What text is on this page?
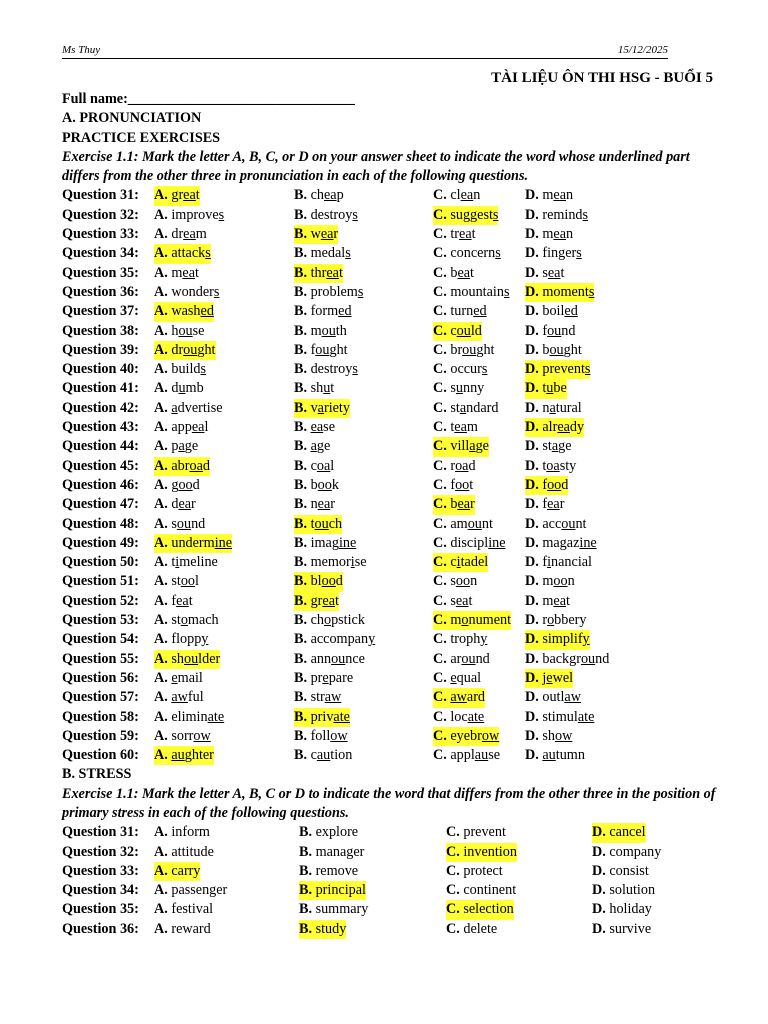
Ms Thuy	15/12/2025
TÀI LIỆU ÔN THI HSG - BUỔI 5
Full name:________________________________
A. PRONUNCIATION
PRACTICE EXERCISES
Exercise 1.1: Mark the letter A, B, C, or D on your answer sheet to indicate the word whose underlined part differs from the other three in pronunciation in each of the following questions.
Question 31: A. great	B. cheap	C. clean	D. mean
Question 32: A. improves	B. destroys	C. suggests D. reminds
Question 33: A. dream	B. wear	C. treat	D. mean
Question 34: A. attacks	B. medals	C. concerns D. fingers
Question 35: A. meat	B. threat	C. beat	D. seat
Question 36: A. wonders	B. problems	C. mountains D. moments
Question 37: A. washed	B. formed	C. turned	D. boiled
Question 38: A. house	B. mouth	C. could	D. found
Question 39: A. drought	B. fought	C. brought D. bought
Question 40: A. builds	B. destroys	C. occurs	D. prevents
Question 41: A. dumb	B. shut	C. sunny	D. tube
Question 42: A. advertise	B. variety	C. standard D. natural
Question 43: A. appeal	B. ease	C. team	D. already
Question 44: A. page	B. age	C. village	D. stage
Question 45: A. abroad	B. coal	C. road	D. toasty
Question 46: A. good	B. book	C. foot	D. food
Question 47: A. dear	B. near	C. bear	D. fear
Question 48: A. sound	B. touch	C. amount D. account
Question 49: A. undermine	B. imagine	C. discipline D. magazine
Question 50: A. timeline	B. memorise	C. citadel	D. financial
Question 51: A. stool	B. blood	C. soon	D. moon
Question 52: A. feat	B. great	C. seat	D. meat
Question 53: A. stomach	B. chopstick	C. monument D. robbery
Question 54: A. floppy	B. accompany	C. trophy	D. simplify
Question 55: A. shoulder	B. announce	C. around D. background
Question 56: A. email	B. prepare	C. equal	D. jewel
Question 57: A. awful	B. straw	C. award	D. outlaw
Question 58: A. eliminate	B. private	C. locate	D. stimulate
Question 59: A. sorrow	B. follow	C. eyebrow D. show
Question 60: A. aughter	B. caution	C. applause D. autumn
B. STRESS
Exercise 1.1: Mark the letter A, B, C or D to indicate the word that differs from the other three in the position of primary stress in each of the following questions.
Question 31: A. inform	B. explore	C. prevent	D. cancel
Question 32: A. attitude	B. manager	C. invention	D. company
Question 33: A. carry	B. remove	C. protect	D. consist
Question 34: A. passenger	B. principal	C. continent	D. solution
Question 35: A. festival	B. summary	C. selection	D. holiday
Question 36: A. reward	B. study	C. delete	D. survive
